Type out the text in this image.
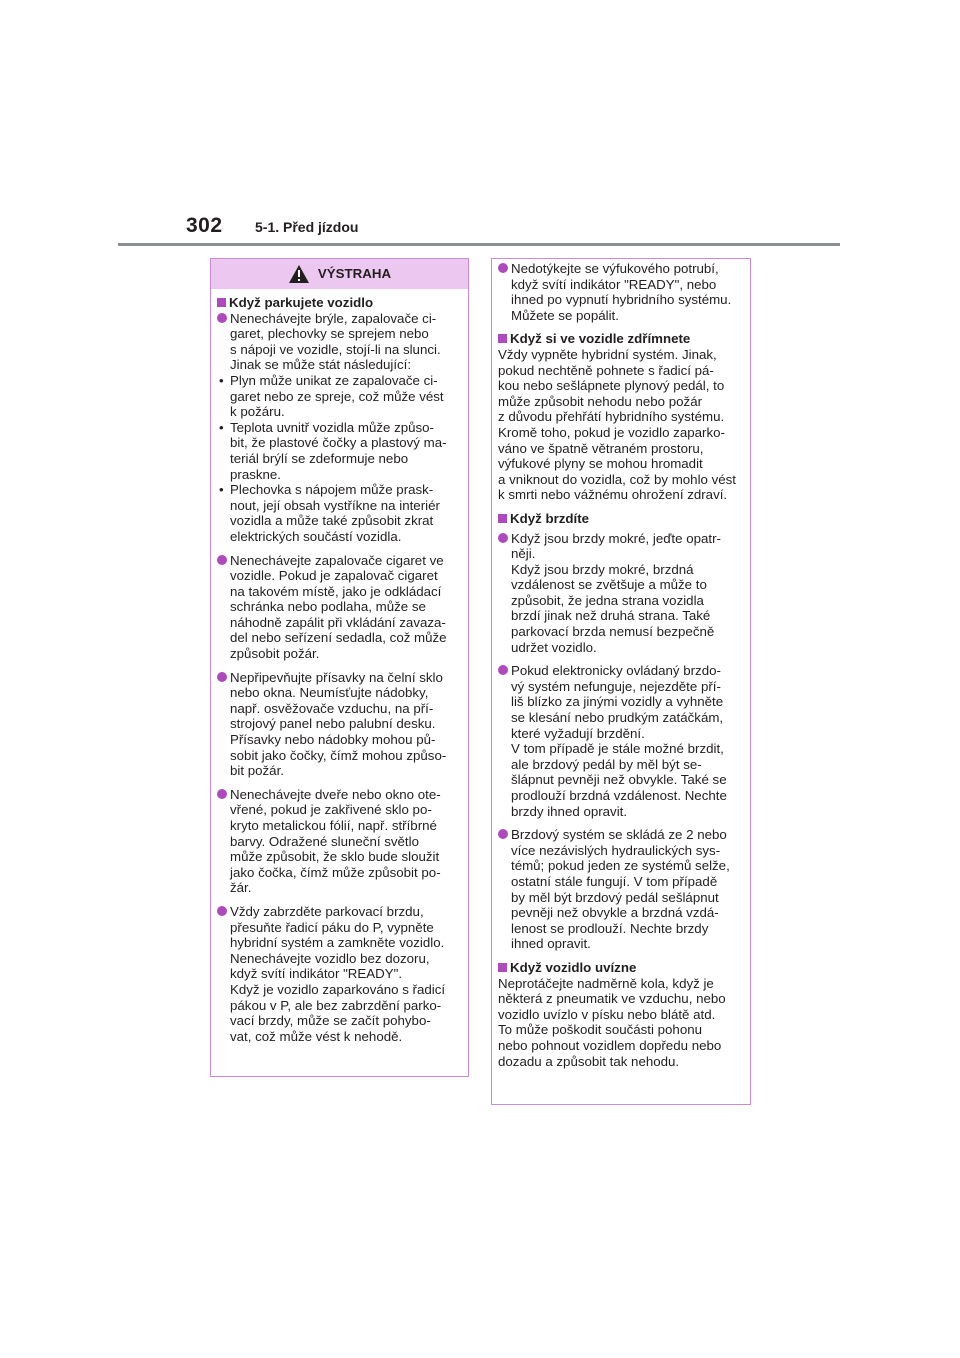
302 5-1. Před jízdou
VÝSTRAHA
Když parkujete vozidlo
Nenechávejte brýle, zapalovače ci-
garet, plechovky se sprejem nebo
s nápoji ve vozidle, stojí-li na slunci.
Jinak se může stát následující:
• Plyn může unikat ze zapalovače ci-
garet nebo ze spreje, což může vést
k požáru.
• Teplota uvnitř vozidla může způso-
bit, že plastové čočky a plastový ma-
teriál brýlí se zdeformuje nebo
praskne.
• Plechovka s nápojem může prask-
nout, její obsah vystříkne na interiér
vozidla a může také způsobit zkrat
elektrických součástí vozidla.
Nenechávejte zapalovače cigaret ve
vozidle. Pokud je zapalovač cigaret
na takovém místě, jako je odkládací
schránka nebo podlaha, může se
náhodně zapálit při vkládání zavaza-
del nebo seřízení sedadla, což může
způsobit požár.
Nepřipevňujte přísavky na čelní sklo
nebo okna. Neumísťujte nádobky,
např. osvěžovače vzduchu, na pří-
strojový panel nebo palubní desku.
Přísavky nebo nádobky mohou pů-
sobit jako čočky, čímž mohou způso-
bit požár.
Nenechávejte dveře nebo okno ote-
vřené, pokud je zakřivené sklo po-
kryto metalickou fólií, např. stříbrné
barvy. Odražené sluneční světlo
může způsobit, že sklo bude sloužit
jako čočka, čímž může způsobit po-
žár.
Vždy zabrzděte parkovací brzdu,
přesuňte řadicí páku do P, vypněte
hybridní systém a zamkněte vozidlo.
Nenechávejte vozidlo bez dozoru,
když svítí indikátor "READY".
Když je vozidlo zaparkováno s řadicí
pákou v P, ale bez zabrzdění parko-
vací brzdy, může se začít pohybo-
vat, což může vést k nehodě.
Nedotýkejte se výfukového potrubí,
když svítí indikátor "READY", nebo
ihned po vypnutí hybridního systému.
Můžete se popálit.
Když si ve vozidle zdřímnete
Vždy vypněte hybridní systém. Jinak,
pokud nechtěně pohnete s řadicí pá-
kou nebo sešlápnete plynový pedál, to
může způsobit nehodu nebo požár
z důvodu přehřátí hybridního systému.
Kromě toho, pokud je vozidlo zaparko-
váno ve špatně větraném prostoru,
výfukové plyny se mohou hromadit
a vniknout do vozidla, což by mohlo vést
k smrti nebo vážnému ohrožení zdraví.
Když brzdíte
Když jsou brzdy mokré, jeďte opatr-
něji.
Když jsou brzdy mokré, brzdná
vzdálenost se zvětšuje a může to
způsobit, že jedna strana vozidla
brzdí jinak než druhá strana. Také
parkovací brzda nemusí bezpečně
udržet vozidlo.
Pokud elektronicky ovládaný brzdo-
vý systém nefunguje, nejezděte pří-
liš blízko za jinými vozidly a vyhněte
se klesání nebo prudkým zatáčkám,
které vyžadují brzdění.
V tom případě je stále možné brzdit,
ale brzdový pedál by měl být se-
šlápnut pevněji než obvykle. Také se
prodlouží brzdná vzdálenost. Nechte
brzdy ihned opravit.
Brzdový systém se skládá ze 2 nebo
více nezávislých hydraulických sys-
témů; pokud jeden ze systémů selže,
ostatní stále fungují. V tom případě
by měl být brzdový pedál sešlápnut
pevněji než obvykle a brzdná vzdá-
lenost se prodlouží. Nechte brzdy
ihned opravit.
Když vozidlo uvízne
Neprotáčejte nadměrně kola, když je
některá z pneumatik ve vzduchu, nebo
vozidlo uvízlo v písku nebo blátě atd.
To může poškodit součásti pohonu
nebo pohnout vozidlem dopředu nebo
dozadu a způsobit tak nehodu.
